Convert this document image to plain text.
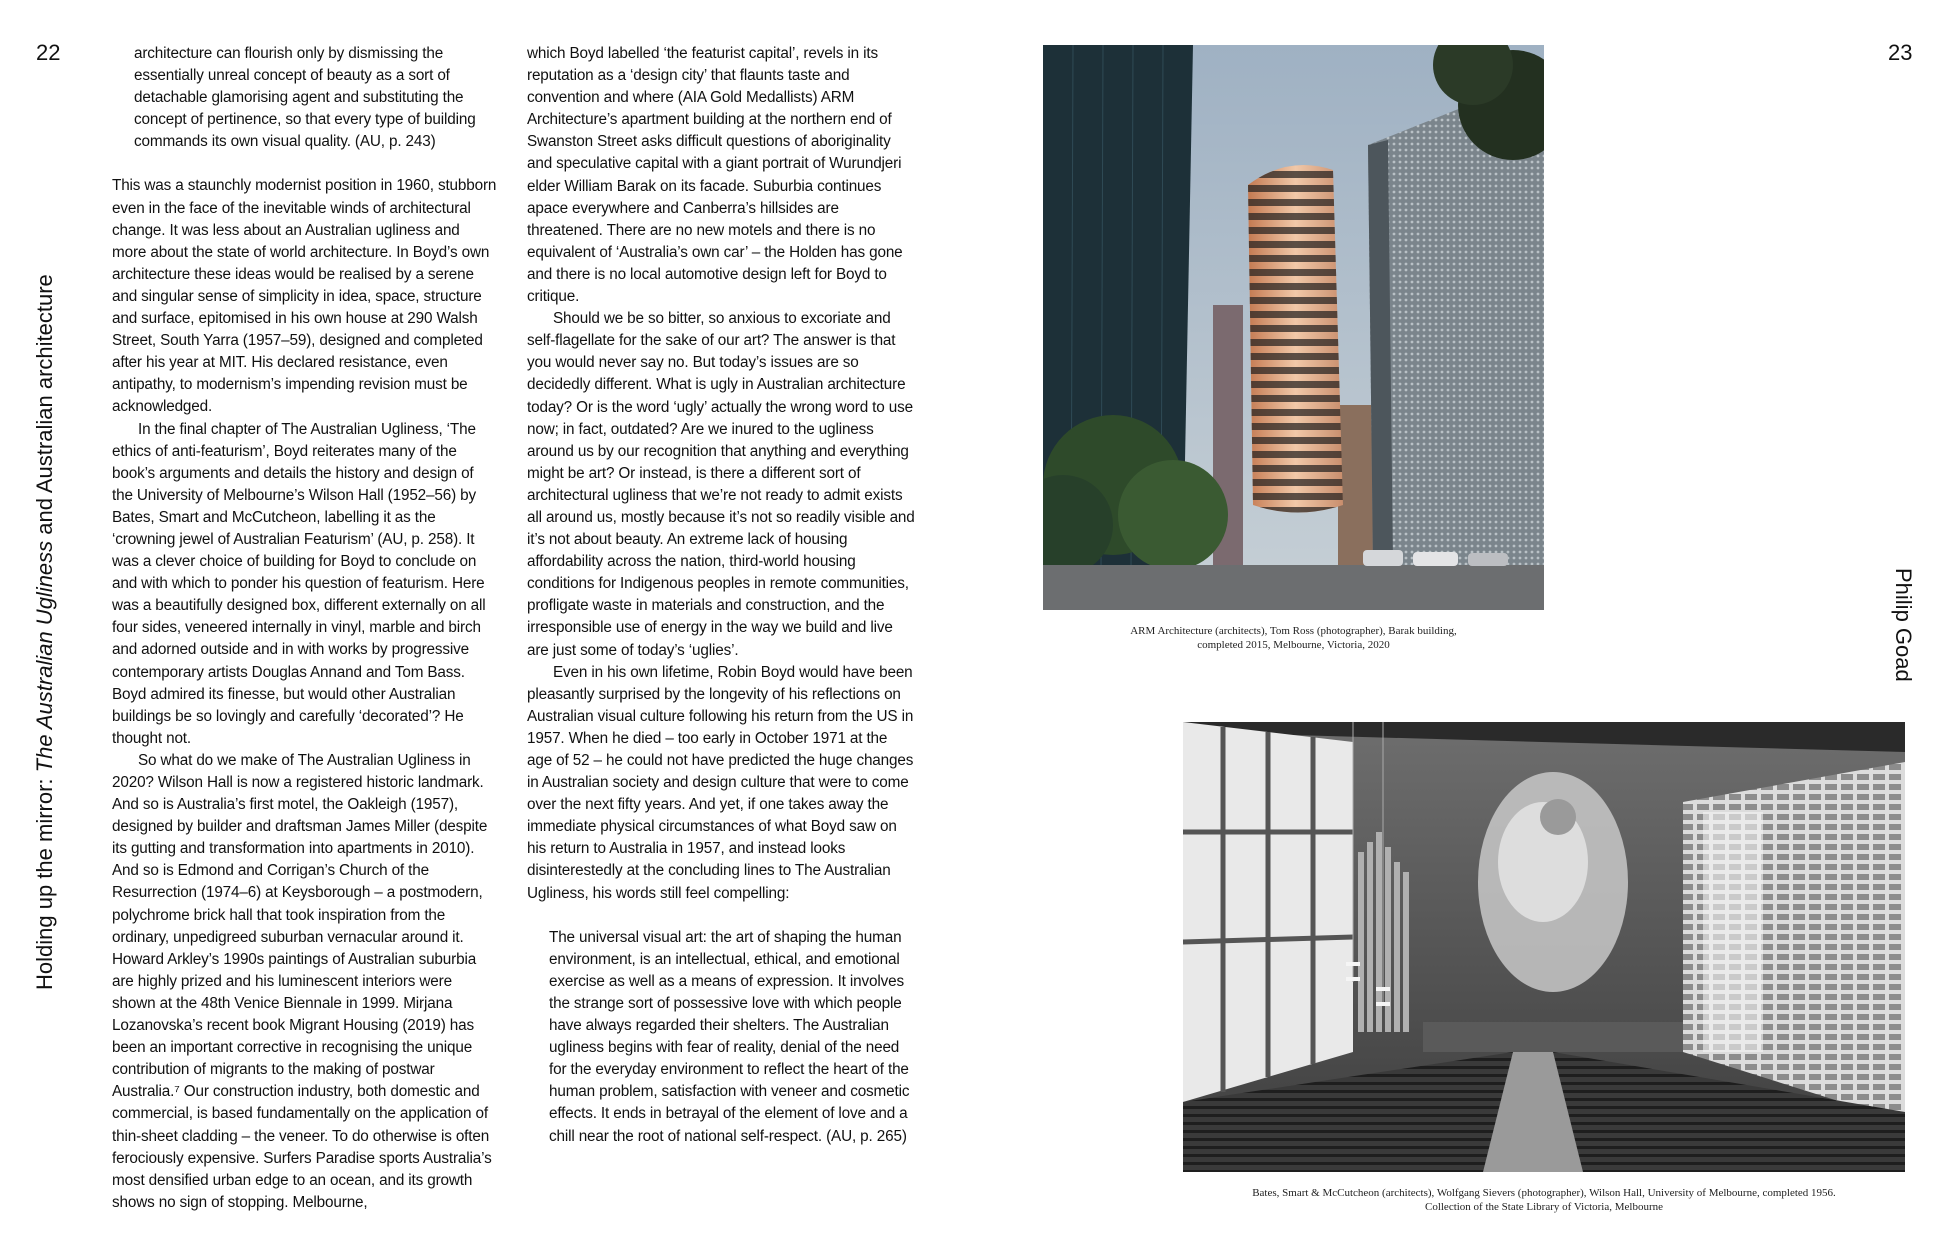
22	23
Holding up the mirror: The Australian Ugliness and Australian architecture
Philip Goad

architecture can flourish only by dismissing the essentially unreal concept of beauty as a sort of detachable glamorising agent and substituting the concept of pertinence, so that every type of building commands its own visual quality. (AU, p. 243)

This was a staunchly modernist position in 1960, stubborn even in the face of the inevitable winds of architectural change. It was less about an Australian ugliness and more about the state of world architecture. In Boyd’s own architecture these ideas would be realised by a serene and singular sense of simplicity in idea, space, structure and surface, epitomised in his own house at 290 Walsh Street, South Yarra (1957–59), designed and completed after his year at MIT. His declared resistance, even antipathy, to modernism’s impending revision must be acknowledged.

In the final chapter of The Australian Ugliness, ‘The ethics of anti-featurism’, Boyd reiterates many of the book’s arguments and details the history and design of the University of Melbourne’s Wilson Hall (1952–56) by Bates, Smart and McCutcheon, labelling it as the ‘crowning jewel of Australian Featurism’ (AU, p. 258). It was a clever choice of building for Boyd to conclude on and with which to ponder his question of featurism. Here was a beautifully designed box, different externally on all four sides, veneered internally in vinyl, marble and birch and adorned outside and in with works by progressive contemporary artists Douglas Annand and Tom Bass. Boyd admired its finesse, but would other Australian buildings be so lovingly and carefully ‘decorated’? He thought not.

So what do we make of The Australian Ugliness in 2020? Wilson Hall is now a registered historic landmark. And so is Australia’s first motel, the Oakleigh (1957), designed by builder and draftsman James Miller (despite its gutting and transformation into apartments in 2010). And so is Edmond and Corrigan’s Church of the Resurrection (1974–6) at Keysborough – a postmodern, polychrome brick hall that took inspiration from the ordinary, unpedigreed suburban vernacular around it. Howard Arkley’s 1990s paintings of Australian suburbia are highly prized and his luminescent interiors were shown at the 48th Venice Biennale in 1999. Mirjana Lozanovska’s recent book Migrant Housing (2019) has been an important corrective in recognising the unique contribution of migrants to the making of postwar Australia.⁷ Our construction industry, both domestic and commercial, is based fundamentally on the application of thin-sheet cladding – the veneer. To do otherwise is often ferociously expensive. Surfers Paradise sports Australia’s most densified urban edge to an ocean, and its growth shows no sign of stopping. Melbourne,

which Boyd labelled ‘the featurist capital’, revels in its reputation as a ‘design city’ that flaunts taste and convention and where (AIA Gold Medallists) ARM Architecture’s apartment building at the northern end of Swanston Street asks difficult questions of aboriginality and speculative capital with a giant portrait of Wurundjeri elder William Barak on its facade. Suburbia continues apace everywhere and Canberra’s hillsides are threatened. There are no new motels and there is no equivalent of ‘Australia’s own car’ – the Holden has gone and there is no local automotive design left for Boyd to critique.

Should we be so bitter, so anxious to excoriate and self-flagellate for the sake of our art? The answer is that you would never say no. But today’s issues are so decidedly different. What is ugly in Australian architecture today? Or is the word ‘ugly’ actually the wrong word to use now; in fact, outdated? Are we inured to the ugliness around us by our recognition that anything and everything might be art? Or instead, is there a different sort of architectural ugliness that we’re not ready to admit exists all around us, mostly because it’s not so readily visible and it’s not about beauty. An extreme lack of housing affordability across the nation, third-world housing conditions for Indigenous peoples in remote communities, profligate waste in materials and construction, and the irresponsible use of energy in the way we build and live are just some of today’s ‘uglies’.

Even in his own lifetime, Robin Boyd would have been pleasantly surprised by the longevity of his reflections on Australian visual culture following his return from the US in 1957. When he died – too early in October 1971 at the age of 52 – he could not have predicted the huge changes in Australian society and design culture that were to come over the next fifty years. And yet, if one takes away the immediate physical circumstances of what Boyd saw on his return to Australia in 1957, and instead looks disinterestedly at the concluding lines to The Australian Ugliness, his words still feel compelling:

The universal visual art: the art of shaping the human environment, is an intellectual, ethical, and emotional exercise as well as a means of expression. It involves the strange sort of possessive love with which people have always regarded their shelters. The Australian ugliness begins with fear of reality, denial of the need for the everyday environment to reflect the heart of the human problem, satisfaction with veneer and cosmetic effects. It ends in betrayal of the element of love and a chill near the root of national self-respect. (AU, p. 265)

ARM Architecture (architects), Tom Ross (photographer), Barak building,
completed 2015, Melbourne, Victoria, 2020
Bates, Smart & McCutcheon (architects), Wolfgang Sievers (photographer), Wilson Hall, University of Melbourne, completed 1956.
Collection of the State Library of Victoria, Melbourne
